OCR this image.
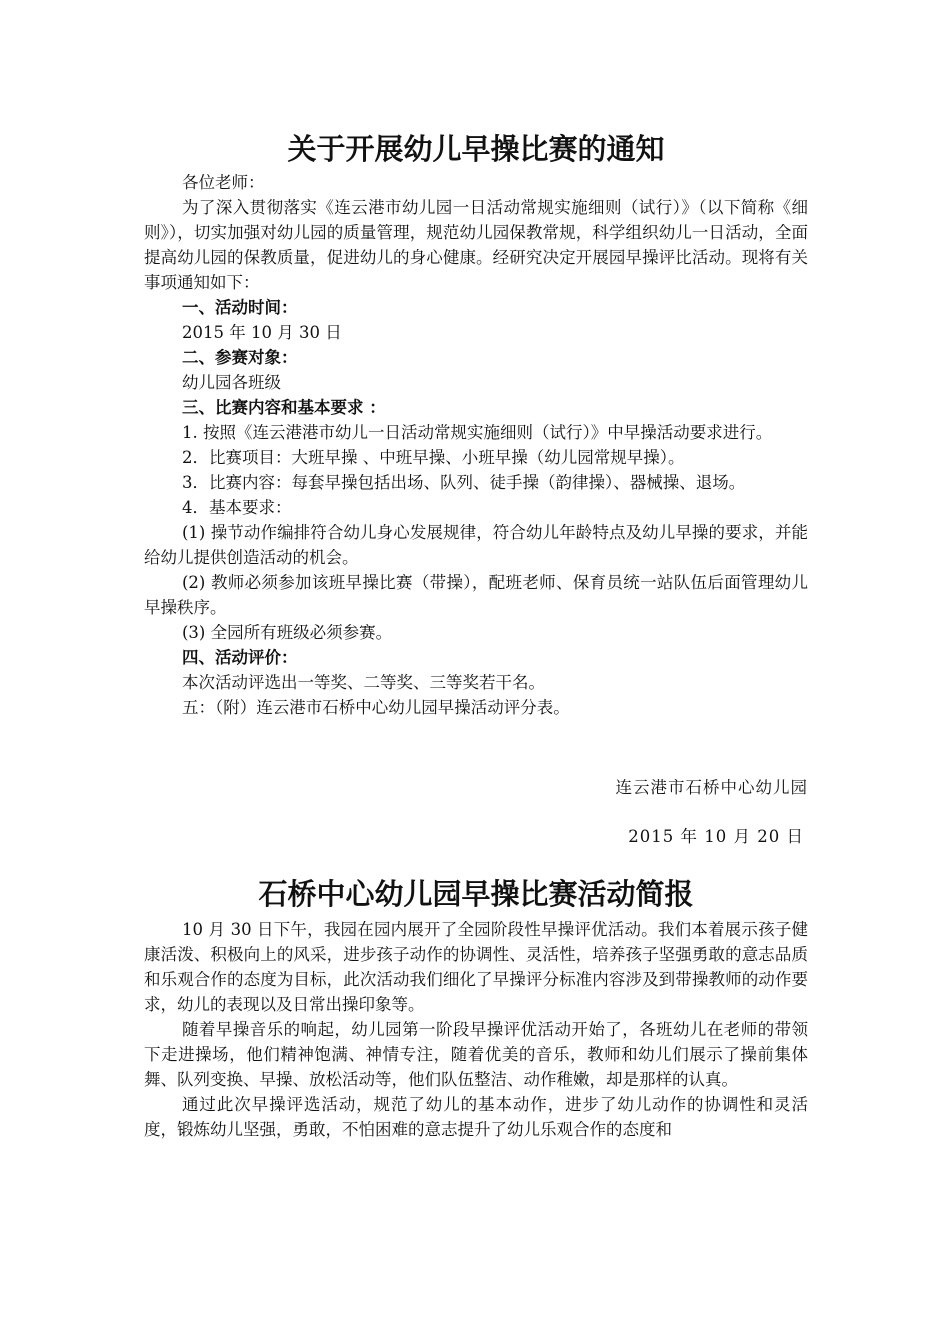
关于开展幼儿早操比赛的通知

各位老师：

为了深入贯彻落实《连云港市幼儿园一日活动常规实施细则（试行）》（以下简称《细则》），切实加强对幼儿园的质量管理，规范幼儿园保教常规，科学组织幼儿一日活动，全面提高幼儿园的保教质量，促进幼儿的身心健康。经研究决定开展园早操评比活动。现将有关事项通知如下：

一、活动时间：

2015 年 10 月 30 日

二、参赛对象：

幼儿园各班级

三、比赛内容和基本要求 ：

1. 按照《连云港港市幼儿一日活动常规实施细则（试行）》中早操活动要求进行。

2．比赛项目：大班早操 、中班早操、小班早操（幼儿园常规早操）。

3．比赛内容：每套早操包括出场、队列、徒手操（韵律操）、器械操、退场。

4．基本要求：

(1) 操节动作编排符合幼儿身心发展规律，符合幼儿年龄特点及幼儿早操的要求，并能给幼儿提供创造活动的机会。

(2) 教师必须参加该班早操比赛（带操），配班老师、保育员统一站队伍后面管理幼儿早操秩序。

(3) 全园所有班级必须参赛。

四、活动评价：

本次活动评选出一等奖、二等奖、三等奖若干名。

五：（附）连云港市石桥中心幼儿园早操活动评分表。

连云港市石桥中心幼儿园

2015 年 10 月 20 日

石桥中心幼儿园早操比赛活动简报

10 月 30 日下午，我园在园内展开了全园阶段性早操评优活动。我们本着展示孩子健康活泼、积极向上的风采，进步孩子动作的协调性、灵活性，培养孩子坚强勇敢的意志品质和乐观合作的态度为目标，此次活动我们细化了早操评分标准内容涉及到带操教师的动作要求，幼儿的表现以及日常出操印象等。

随着早操音乐的响起，幼儿园第一阶段早操评优活动开始了，各班幼儿在老师的带领下走进操场，他们精神饱满、神情专注，随着优美的音乐，教师和幼儿们展示了操前集体舞、队列变换、早操、放松活动等，他们队伍整洁、动作稚嫩，却是那样的认真。

通过此次早操评选活动，规范了幼儿的基本动作，进步了幼儿动作的协调性和灵活度，锻炼幼儿坚强，勇敢，不怕困难的意志提升了幼儿乐观合作的态度和
